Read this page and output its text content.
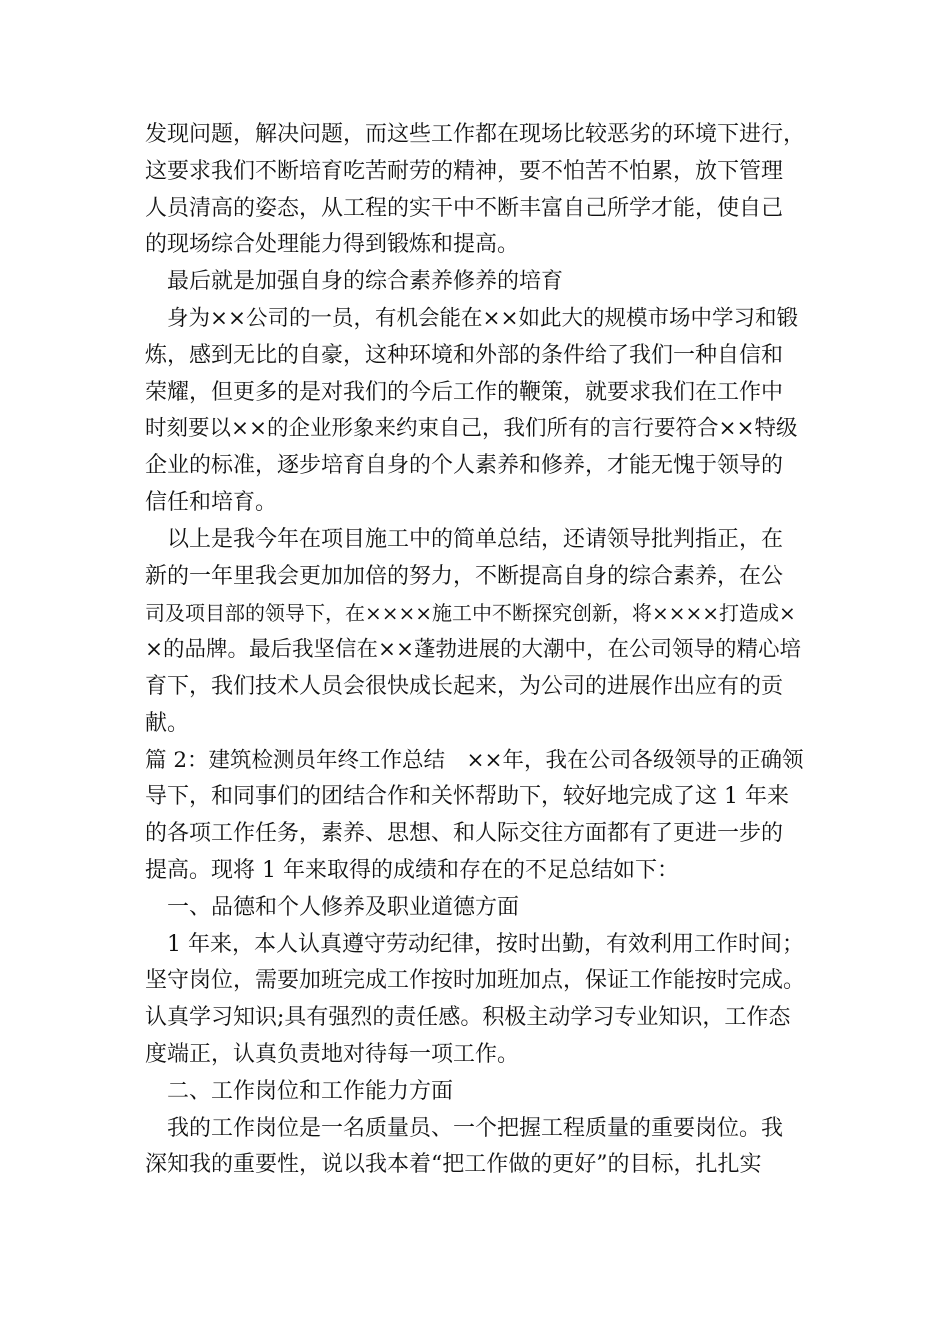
发现问题，解决问题，而这些工作都在现场比较恶劣的环境下进行，
这要求我们不断培育吃苦耐劳的精神，要不怕苦不怕累，放下管理
人员清高的姿态，从工程的实干中不断丰富自己所学才能，使自己
的现场综合处理能力得到锻炼和提高。
最后就是加强自身的综合素养修养的培育
身为××公司的一员，有机会能在××如此大的规模市场中学习和锻
炼，感到无比的自豪，这种环境和外部的条件给了我们一种自信和
荣耀，但更多的是对我们的今后工作的鞭策，就要求我们在工作中
时刻要以××的企业形象来约束自己，我们所有的言行要符合××特级
企业的标准，逐步培育自身的个人素养和修养，才能无愧于领导的
信任和培育。
以上是我今年在项目施工中的简单总结，还请领导批判指正，在
新的一年里我会更加加倍的努力，不断提高自身的综合素养，在公
司及项目部的领导下，在××××施工中不断探究创新，将××××打造成×
×的品牌。最后我坚信在××蓬勃进展的大潮中，在公司领导的精心培
育下，我们技术人员会很快成长起来，为公司的进展作出应有的贡
献。
篇 2：建筑检测员年终工作总结　××年，我在公司各级领导的正确领
导下，和同事们的团结合作和关怀帮助下，较好地完成了这 1 年来
的各项工作任务，素养、思想、和人际交往方面都有了更进一步的
提高。现将 1 年来取得的成绩和存在的不足总结如下：
一、品德和个人修养及职业道德方面
1 年来，本人认真遵守劳动纪律，按时出勤，有效利用工作时间；
坚守岗位，需要加班完成工作按时加班加点，保证工作能按时完成。
认真学习知识;具有强烈的责任感。积极主动学习专业知识，工作态
度端正，认真负责地对待每一项工作。
二、工作岗位和工作能力方面
我的工作岗位是一名质量员、一个把握工程质量的重要岗位。我
深知我的重要性，说以我本着“把工作做的更好”的目标，扎扎实
